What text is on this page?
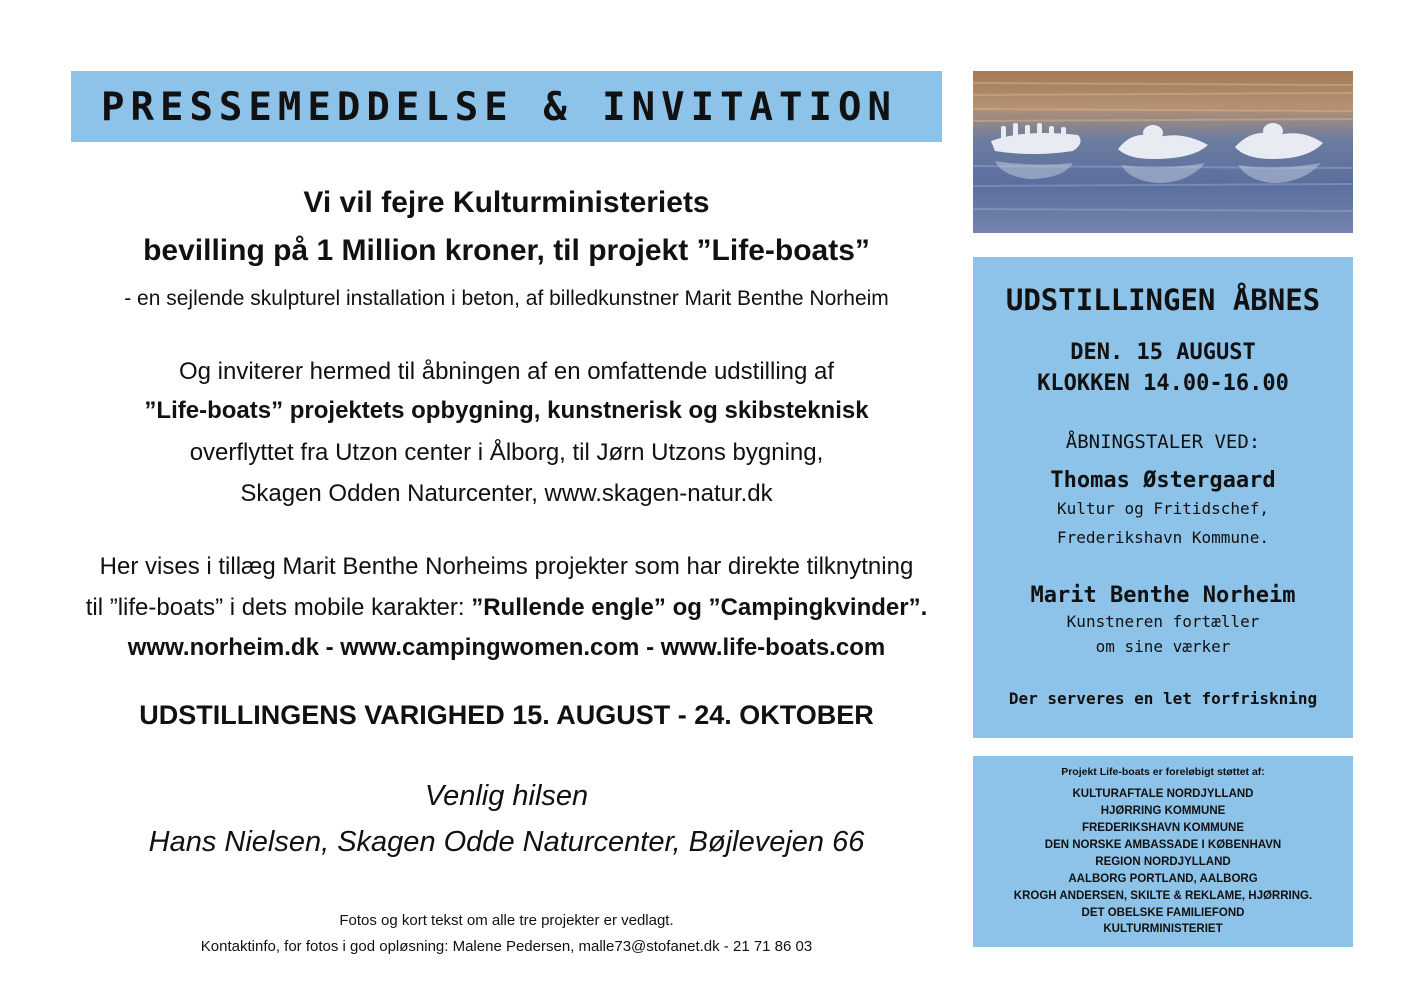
PRESSEMEDDELSE & INVITATION
Vi vil fejre Kulturministeriets
bevilling på 1 Million kroner, til projekt ”Life-boats”
- en sejlende skulpturel installation i beton, af billedkunstner Marit Benthe Norheim
Og inviterer hermed til åbningen af en omfattende udstilling af
”Life-boats” projektets opbygning, kunstnerisk og skibsteknisk
overflyttet fra Utzon center i Ålborg, til Jørn Utzons bygning,
Skagen Odden Naturcenter, www.skagen-natur.dk
Her vises i tillæg Marit Benthe Norheims projekter som har direkte tilknytning
til ”life-boats” i dets mobile karakter: ”Rullende engle” og ”Campingkvinder”.
www.norheim.dk - www.campingwomen.com - www.life-boats.com
UDSTILLINGENS VARIGHED 15. AUGUST - 24. OKTOBER
Venlig hilsen
Hans Nielsen, Skagen Odde Naturcenter, Bøjlevejen 66
Fotos og kort tekst om alle tre projekter er vedlagt.
Kontaktinfo, for fotos i god opløsning: Malene Pedersen, malle73@stofanet.dk - 21 71 86 03
UDSTILLINGEN ÅBNES
DEN. 15 AUGUST
KLOKKEN 14.00-16.00
ÅBNINGSTALER VED:
Thomas Østergaard
Kultur og Fritidschef,
Frederikshavn Kommune.
Marit Benthe Norheim
Kunstneren fortæller
om sine værker
Der serveres en let forfriskning
Projekt Life-boats er foreløbigt støttet af:
KULTURAFTALE NORDJYLLAND
HJØRRING KOMMUNE
FREDERIKSHAVN KOMMUNE
DEN NORSKE AMBASSADE I KØBENHAVN
REGION NORDJYLLAND
AALBORG PORTLAND, AALBORG
KROGH ANDERSEN, SKILTE & REKLAME, HJØRRING.
DET OBELSKE FAMILIEFOND
KULTURMINISTERIET
